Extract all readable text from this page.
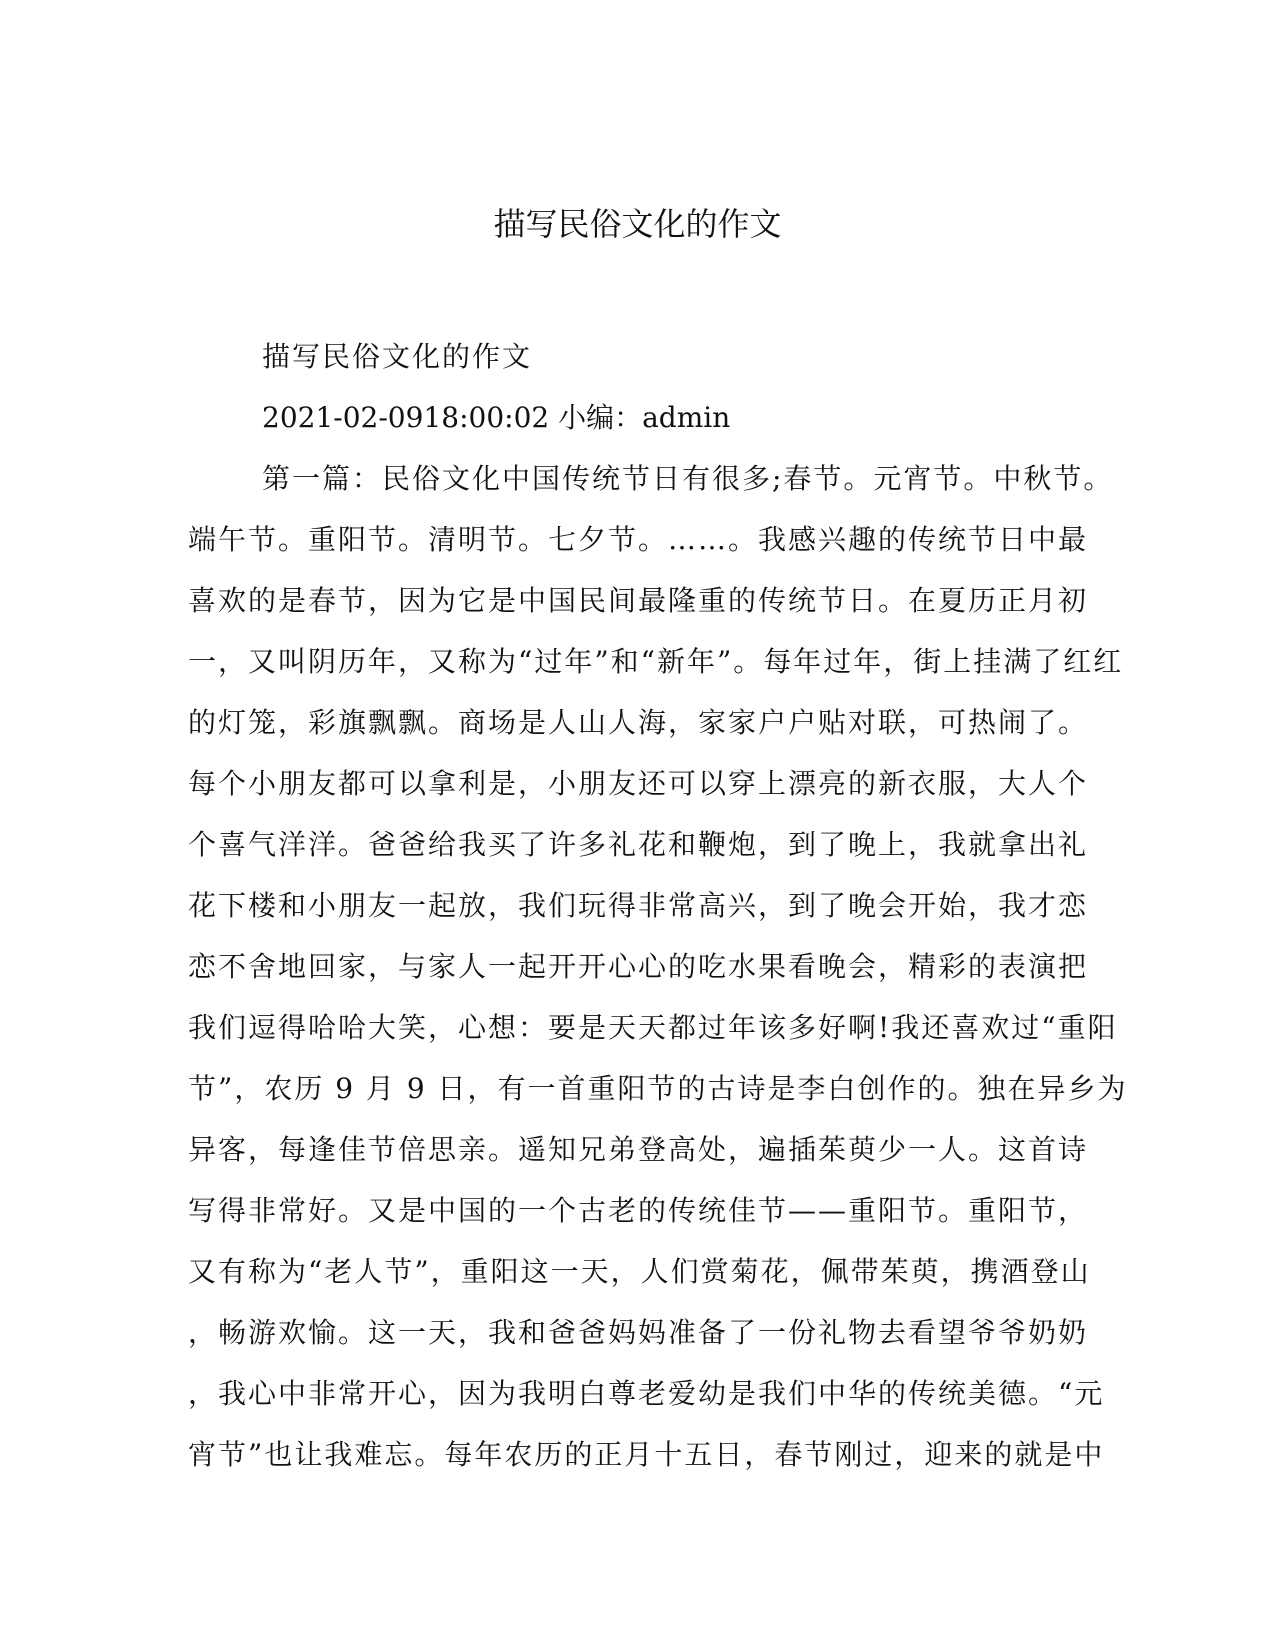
描写民俗文化的作文
描写民俗文化的作文
2021-02-0918:00:02 小编：admin
第一篇：民俗文化中国传统节日有很多;春节。元宵节。中秋节。
端午节。重阳节。清明节。七夕节。……。我感兴趣的传统节日中最
喜欢的是春节，因为它是中国民间最隆重的传统节日。在夏历正月初
一，又叫阴历年，又称为“过年”和“新年”。每年过年，街上挂满了红红
的灯笼，彩旗飘飘。商场是人山人海，家家户户贴对联，可热闹了。
每个小朋友都可以拿利是，小朋友还可以穿上漂亮的新衣服，大人个
个喜气洋洋。爸爸给我买了许多礼花和鞭炮，到了晚上，我就拿出礼
花下楼和小朋友一起放，我们玩得非常高兴，到了晚会开始，我才恋
恋不舍地回家，与家人一起开开心心的吃水果看晚会，精彩的表演把
我们逗得哈哈大笑，心想：要是天天都过年该多好啊!我还喜欢过“重阳
节”，农历 9 月 9 日，有一首重阳节的古诗是李白创作的。独在异乡为
异客，每逢佳节倍思亲。遥知兄弟登高处，遍插茱萸少一人。这首诗
写得非常好。又是中国的一个古老的传统佳节——重阳节。重阳节，
又有称为“老人节”，重阳这一天，人们赏菊花，佩带茱萸，携酒登山
，畅游欢愉。这一天，我和爸爸妈妈准备了一份礼物去看望爷爷奶奶
，我心中非常开心，因为我明白尊老爱幼是我们中华的传统美德。“元
宵节”也让我难忘。每年农历的正月十五日，春节刚过，迎来的就是中
